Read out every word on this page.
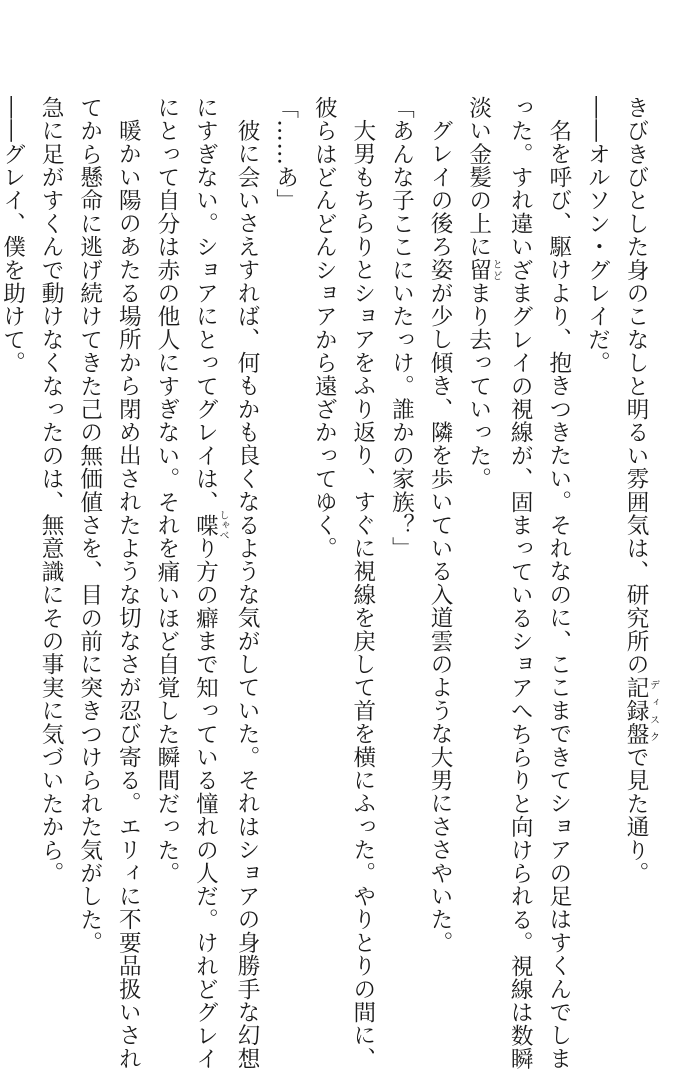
きびきびとした身のこなしと明るい雰囲気は、研究所の記録盤ディスクで見た通り。
――オルソン・グレイだ。
名を呼び、駆けより、抱きつきたい。それなのに、ここまできてショアの足はすくんでしま
った。すれ違いざまグレイの視線が、固まっているショアへちらりと向けられる。視線は数瞬
淡い金髪の上に留とどまり去っていった。
グレイの後ろ姿が少し傾き、隣を歩いている入道雲のような大男にささやいた。
「あんな子ここにいたっけ。誰かの家族？」
大男もちらりとショアをふり返り、すぐに視線を戻して首を横にふった。やりとりの間に、
彼らはどんどんショアから遠ざかってゆく。
「……あ」
彼に会いさえすれば、何もかも良くなるような気がしていた。それはショアの身勝手な幻想
にすぎない。ショアにとってグレイは、喋しゃべり方の癖まで知っている憧れの人だ。けれどグレイ
にとって自分は赤の他人にすぎない。それを痛いほど自覚した瞬間だった。
暖かい陽のあたる場所から閉め出されたような切なさが忍び寄る。エリィに不要品扱いされ
てから懸命に逃げ続けてきた己の無価値さを、目の前に突きつけられた気がした。
急に足がすくんで動けなくなったのは、無意識にその事実に気づいたから。
――グレイ、僕を助けて。
